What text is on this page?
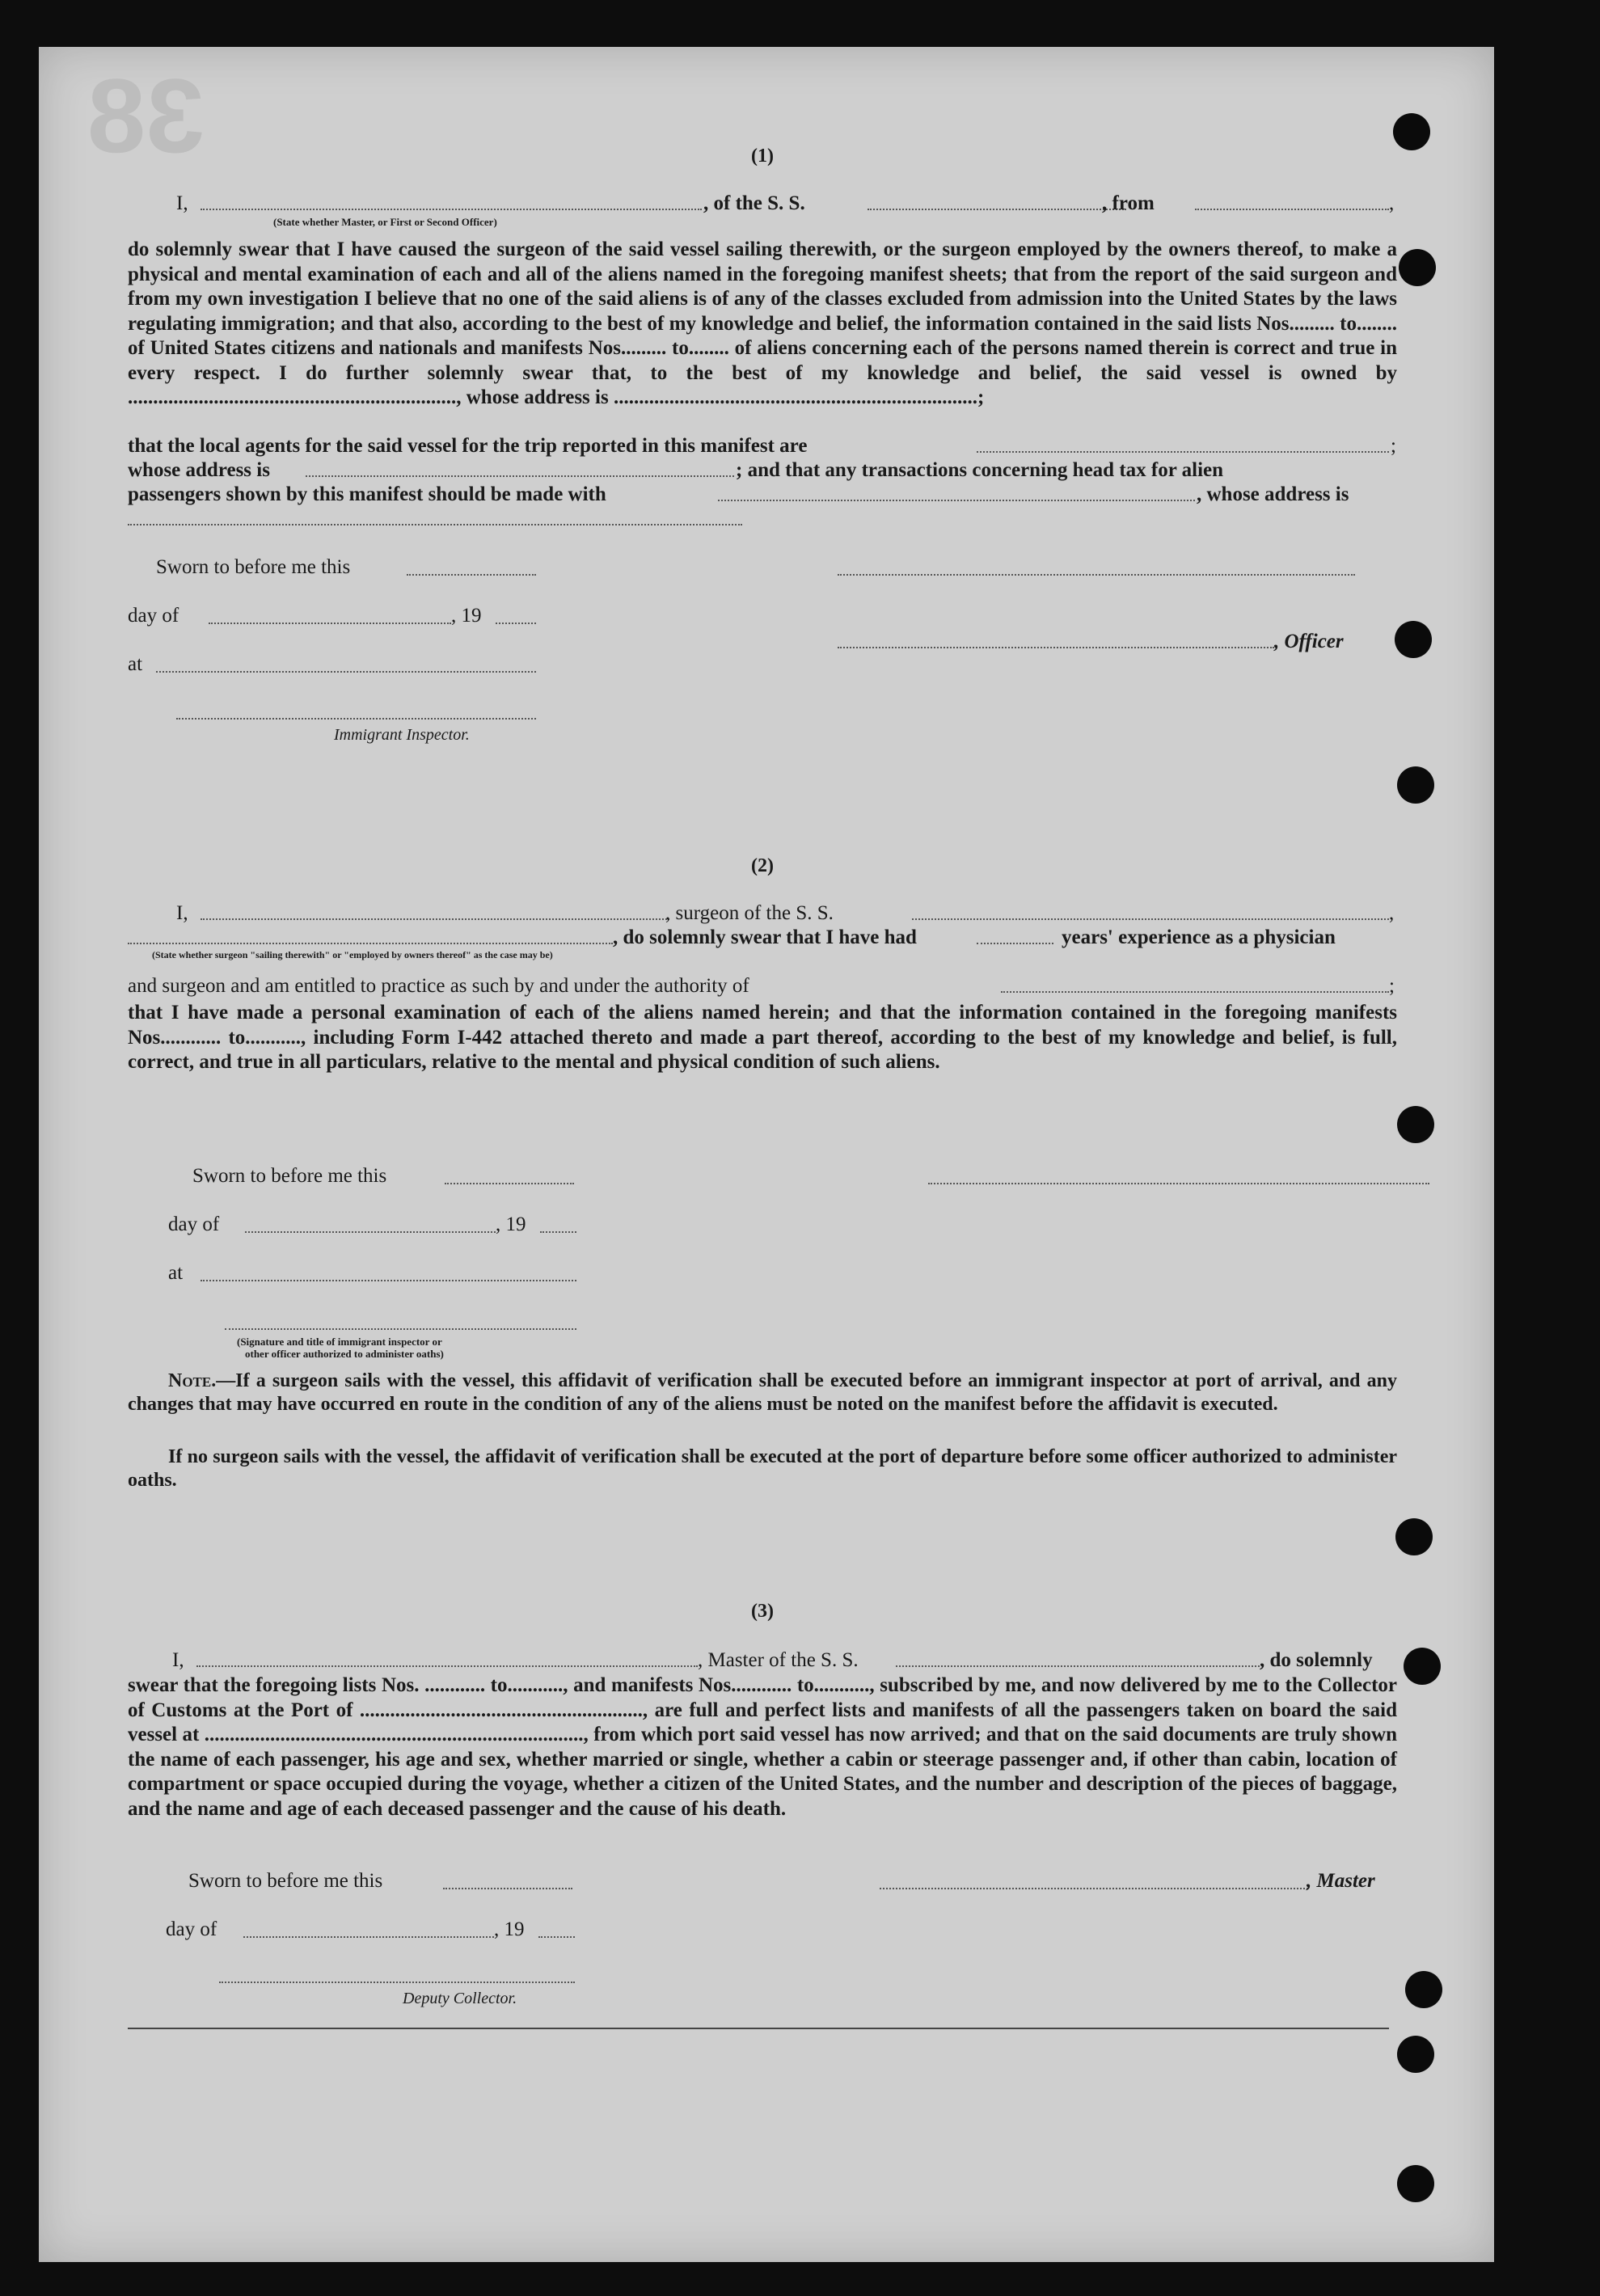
38	(1)
I,	, of the S. S.	, from	,
(State whether Master, or First or Second Officer)
do solemnly swear that I have caused the surgeon of the said vessel sailing therewith, or the surgeon employed by the owners thereof, to make a physical and mental examination of each and all of the aliens named in the foregoing manifest sheets; that from the report of the said surgeon and from my own investigation I believe that no one of the said aliens is of any of the classes excluded from admission into the United States by the laws regulating immigration; and that also, according to the best of my knowledge and belief, the information contained in the said lists Nos......... to........ of United States citizens and nationals and manifests Nos......... to........ of aliens concerning each of the persons named therein is correct and true in every respect. I do further solemnly swear that, to the best of my knowledge and belief, the said vessel is owned by ................................................................., whose address is ........................................................................;
that the local agents for the said vessel for the trip reported in this manifest are	;
whose address is	; and that any transactions concerning head tax for alien
passengers shown by this manifest should be made with	, whose address is
Sworn to before me this
day of	, 19
, Officer
at
Immigrant Inspector.
(2)
I,	, surgeon of the S. S.	,
, do solemnly swear that I have had	years' experience as a physician
(State whether surgeon "sailing therewith" or "employed by owners thereof" as the case may be)
and surgeon and am entitled to practice as such by and under the authority of	;
that I have made a personal examination of each of the aliens named herein; and that the information contained in the foregoing manifests Nos............ to..........., including Form I-442 attached thereto and made a part thereof, according to the best of my knowledge and belief, is full, correct, and true in all particulars, relative to the mental and physical condition of such aliens.
Sworn to before me this
day of	, 19
at
(Signature and title of immigrant inspector or
other officer authorized to administer oaths)
Note.—If a surgeon sails with the vessel, this affidavit of verification shall be executed before an immigrant inspector at port of arrival, and any changes that may have occurred en route in the condition of any of the aliens must be noted on the manifest before the affidavit is executed.
If no surgeon sails with the vessel, the affidavit of verification shall be executed at the port of departure before some officer authorized to administer oaths.
(3)
I,	, Master of the S. S.	, do solemnly
swear that the foregoing lists Nos. ............ to..........., and manifests Nos............ to..........., subscribed by me, and now delivered by me to the Collector of Customs at the Port of ........................................................, are full and perfect lists and manifests of all the passengers taken on board the said vessel at ..........................................................................., from which port said vessel has now arrived; and that on the said documents are truly shown the name of each passenger, his age and sex, whether married or single, whether a cabin or steerage passenger and, if other than cabin, location of compartment or space occupied during the voyage, whether a citizen of the United States, and the number and description of the pieces of baggage, and the name and age of each deceased passenger and the cause of his death.
Sworn to before me this	, Master
day of	, 19
Deputy Collector.
